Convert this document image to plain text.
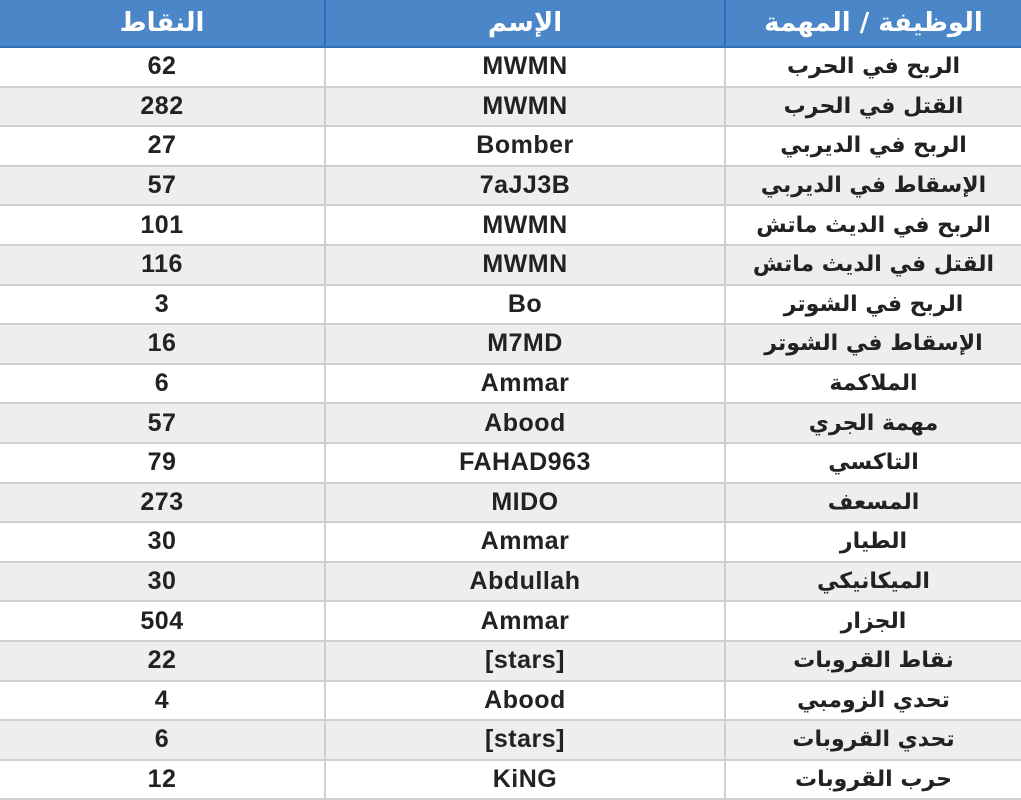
النقاط	الإسم	الوظيفة / المهمة
62	MWMN	الربح في الحرب
282	MWMN	القتل في الحرب
27	Bomber	الربح في الديربي
57	7aJJ3B	الإسقاط في الديربي
101	MWMN	الربح في الديث ماتش
116	MWMN	القتل في الديث ماتش
3	Bo	الربح في الشوتر
16	M7MD	الإسقاط في الشوتر
6	Ammar	الملاكمة
57	Abood	مهمة الجري
79	FAHAD963	التاكسي
273	MIDO	المسعف
30	Ammar	الطيار
30	Abdullah	الميكانيكي
504	Ammar	الجزار
22	[stars]	نقاط القروبات
4	Abood	تحدي الزومبي
6	[stars]	تحدي القروبات
12	KiNG	حرب القروبات
